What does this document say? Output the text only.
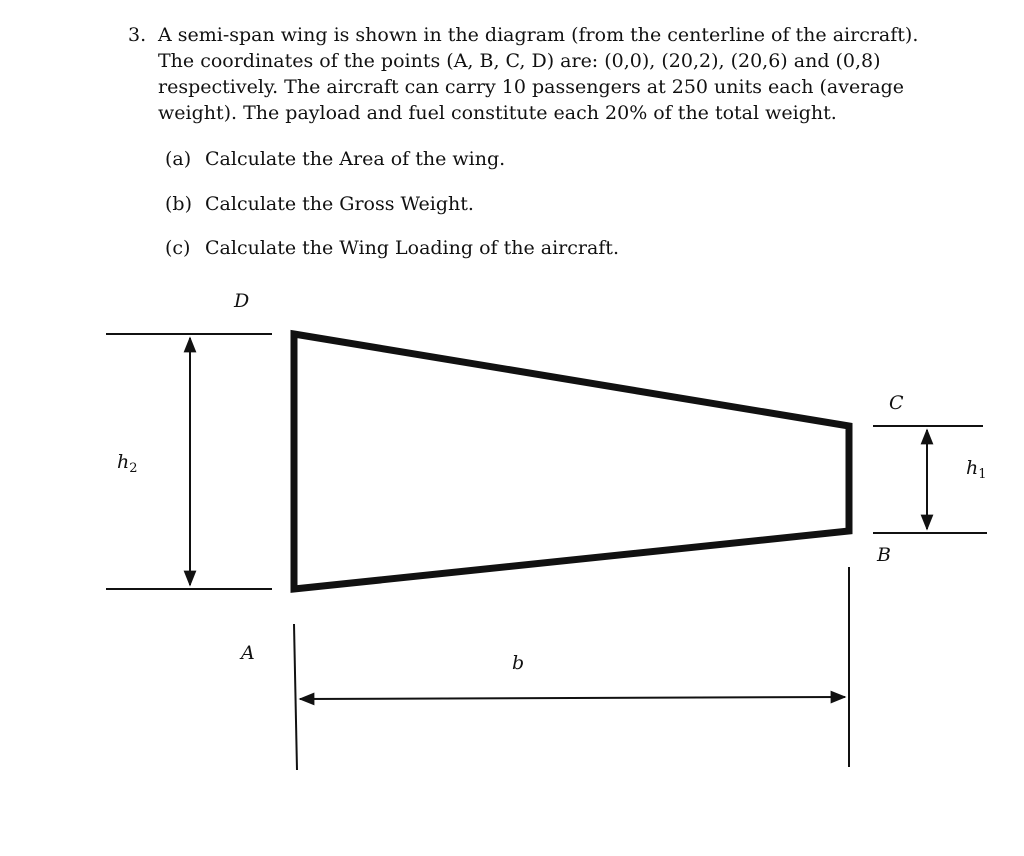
3. A semi-span wing is shown in the diagram (from the centerline of the aircraft). The coordinates of the points (A, B, C, D) are: (0,0), (20,2), (20,6) and (0,8) respectively. The aircraft can carry 10 passengers at 250 units each (average weight). The payload and fuel constitute each 20% of the total weight.
(a) Calculate the Area of the wing.
(b) Calculate the Gross Weight.
(c) Calculate the Wing Loading of the aircraft.
D
C
B
A	b
$h_2$	$h_1$
